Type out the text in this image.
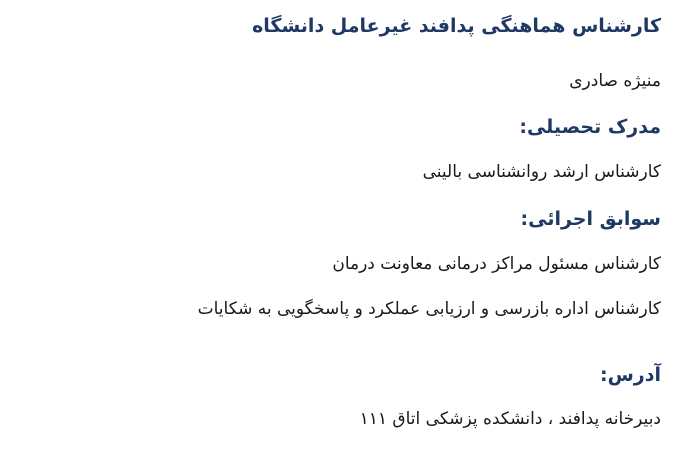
کارشناس هماهنگی پدافند غیرعامل دانشگاه
منیژه صادری
مدرک تحصیلی:
کارشناس ارشد روانشناسی بالینی
سوابق اجرائی:
کارشناس مسئول مراکز درمانی معاونت درمان
کارشناس اداره بازرسی و ارزیابی عملکرد و پاسخگویی به شکایات
آدرس:
دبیرخانه پدافند ، دانشکده پزشکی اتاق ۱۱۱
